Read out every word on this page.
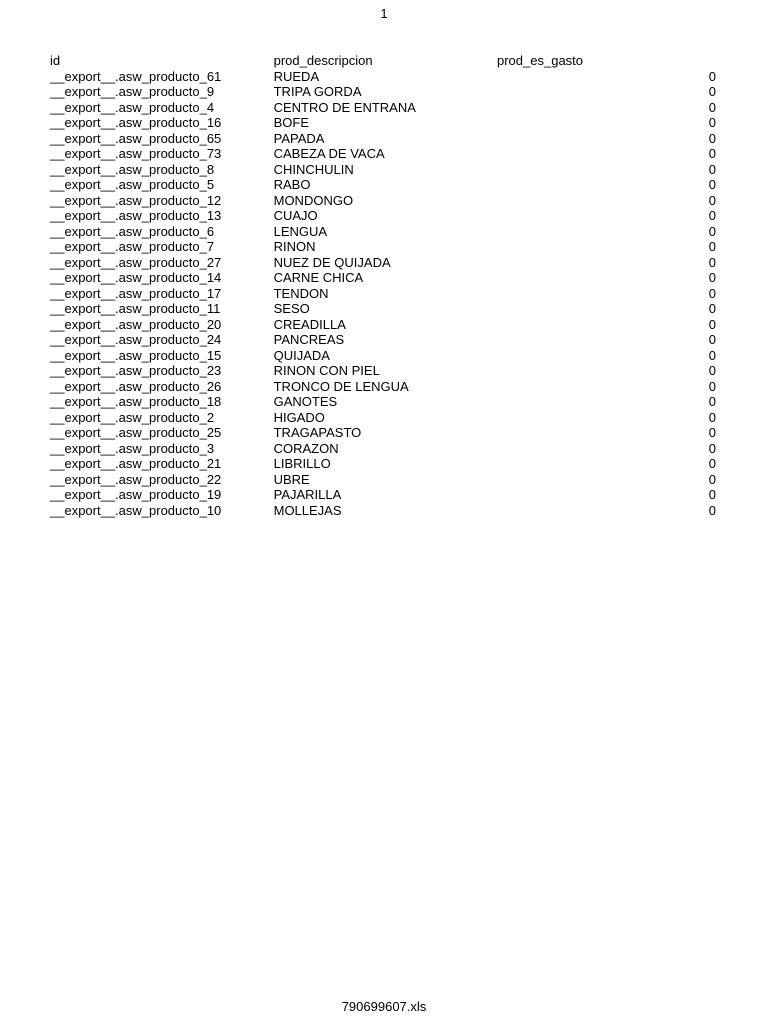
1
id	prod_descripcion	prod_es_gasto
__export__.asw_producto_61	RUEDA	0
__export__.asw_producto_9	TRIPA GORDA	0
__export__.asw_producto_4	CENTRO DE ENTRANA	0
__export__.asw_producto_16	BOFE	0
__export__.asw_producto_65	PAPADA	0
__export__.asw_producto_73	CABEZA DE VACA	0
__export__.asw_producto_8	CHINCHULIN	0
__export__.asw_producto_5	RABO	0
__export__.asw_producto_12	MONDONGO	0
__export__.asw_producto_13	CUAJO	0
__export__.asw_producto_6	LENGUA	0
__export__.asw_producto_7	RINON	0
__export__.asw_producto_27	NUEZ DE QUIJADA	0
__export__.asw_producto_14	CARNE CHICA	0
__export__.asw_producto_17	TENDON	0
__export__.asw_producto_11	SESO	0
__export__.asw_producto_20	CREADILLA	0
__export__.asw_producto_24	PANCREAS	0
__export__.asw_producto_15	QUIJADA	0
__export__.asw_producto_23	RINON CON PIEL	0
__export__.asw_producto_26	TRONCO DE LENGUA	0
__export__.asw_producto_18	GANOTES	0
__export__.asw_producto_2	HIGADO	0
__export__.asw_producto_25	TRAGAPASTO	0
__export__.asw_producto_3	CORAZON	0
__export__.asw_producto_21	LIBRILLO	0
__export__.asw_producto_22	UBRE	0
__export__.asw_producto_19	PAJARILLA	0
__export__.asw_producto_10	MOLLEJAS	0
790699607.xls
